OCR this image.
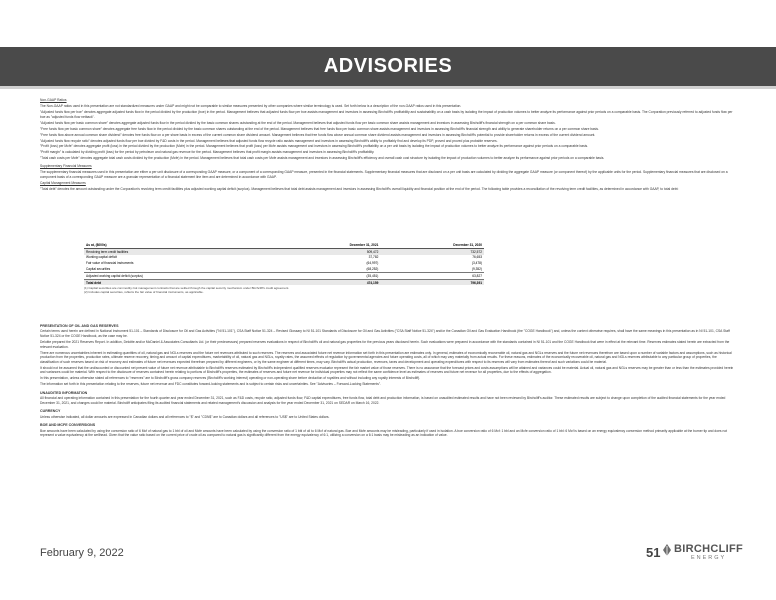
ADVISORIES

Non-GAAP Ratios

The Non-GAAP ratios used in this presentation are not standardized measures under GAAP and might not be comparable to similar measures presented by other companies where similar terminology is used. Set forth below is a description of the non-GAAP ratios used in this presentation.

"Adjusted funds flow per boe" denotes aggregate adjusted funds flow in the period divided by the production (boe) in the period. Management believes that adjusted funds flow per boe assists management and investors in assessing Birchcliff's profitability and sustainability on a cash basis by isolating the impact of production volumes to better analyze its performance against prior periods on a comparable basis. The Corporation previously referred to adjusted funds flow per boe as "adjusted funds flow netback".

"Adjusted funds flow per basic common share" denotes aggregate adjusted funds flow in the period divided by the basic common shares outstanding at the end of the period. Management believes that adjusted funds flow per basic common share assists management and investors in assessing Birchcliff's financial strength on a per common share basis.

"Free funds flow per basic common share" denotes aggregate free funds flow in the period divided by the basic common shares outstanding at the end of the period. Management believes that free funds flow per basic common share assists management and investors in assessing Birchcliff's financial strength and ability to generate shareholder returns on a per common share basis.

"Free funds flow above annual common share dividend" denotes free funds flow on a per share basis in excess of the current common share dividend amount. Management believes that free funds flow above annual common share dividend assists management and investors in assessing Birchcliff's potential to provide shareholder returns in excess of the current dividend amount.

"Adjusted funds flow recycle ratio" denotes adjusted funds flow per boe divided by F&D costs in the period. Management believes that adjusted funds flow recycle ratio assists management and investors in assessing Birchcliff's ability to profitably find and develop its PDP, proved and proved plus probable reserves.

"Profit (loss) per Mcfe" denotes aggregate profit (loss) in the period divided by the production (Mcfe) in the period. Management believes that profit (loss) per Mcfe assists management and investors in assessing Birchcliff's profitability on a per unit basis by isolating the impact of production volumes to better analyze its performance against prior periods on a comparable basis.

"Profit margin" is calculated by dividing profit (loss) for the period by petroleum and natural gas revenue for the period. Management believes that profit margin assists management and investors in assessing Birchcliff's profitability.

"Total cash costs per Mcfe" denotes aggregate total cash costs divided by the production (Mcfe) in the period. Management believes that total cash costs per Mcfe assists management and investors in assessing Birchcliff's efficiency and overall cash cost structure by isolating the impact of production volumes to better analyze its performance against prior periods on a comparable basis.

Supplementary Financial Measures

The supplementary financial measures used in this presentation are either a per unit disclosure of a corresponding GAAP measure, or a component of a corresponding GAAP measure, presented in the financial statements. Supplementary financial measures that are disclosed on a per unit basis are calculated by dividing the aggregate GAAP measure (or component thereof) by the applicable units for the period. Supplementary financial measures that are disclosed on a component basis of a corresponding GAAP measure are a granular representation of a financial statement line item and are determined in accordance with GAAP.

Capital Management Measures

"Total debt" denotes the amount outstanding under the Corporation's revolving term credit facilities plus adjusted working capital deficit (surplus). Management believes that total debt assists management and investors in assessing Birchcliff's overall liquidity and financial position at the end of the period. The following table provides a reconciliation of the revolving term credit facilities, as determined in accordance with GAAP, to total debt:

As at, ($000s)	December 31, 2021	December 31, 2020
Revolving term credit facilities	509,472	732,572
Working capital deficit	37,782	76,653
Fair value of financial instruments	(64,997)	(3,478)
Capital securities	(68,252)	(9,352)
Adjusted working capital deficit (surplus)	(35,451)	63,827
Total debt	474,159	796,391
(1) Capital securities are commodity risk management contracts that are settled through the capital security mechanism under Birchcliff's credit agreement.
(2) Includes capital securities, reflects the fair value of financial instruments, as applicable.
PRESENTATION OF OIL AND GAS RESERVES

Certain terms used herein are defined in National Instrument 51-101 – Standards of Disclosure for Oil and Gas Activities ("NI 51-101"), CSA Staff Notice 51-324 – Revised Glossary to NI 51-101 Standards of Disclosure for Oil and Gas Activities ("CSA Staff Notice 51-324") and/or the Canadian Oil and Gas Evaluation Handbook (the "COGE Handbook") and, unless the context otherwise requires, shall have the same meanings in this presentation as in NI 51-101, CSA Staff Notice 51-324 or the COGE Handbook, as the case may be.

Deloitte prepared the 2021 Reserves Report. In addition, Deloitte and/or McDaniel & Associates Consultants Ltd. (or their predecessors) prepared reserves evaluations in respect of Birchcliff's oil and natural gas properties for the previous years disclosed herein. Such evaluations were prepared in accordance with the standards contained in NI 51-101 and the COGE Handbook that were in effect at the relevant time. Reserves estimates stated herein are extracted from the relevant evaluation.

There are numerous uncertainties inherent in estimating quantities of oil, natural gas and NGLs reserves and the future net revenues attributed to such reserves. The reserves and associated future net revenue information set forth in this presentation are estimates only. In general, estimates of economically recoverable oil, natural gas and NGLs reserves and the future net revenues therefrom are based upon a number of variable factors and assumptions, such as historical production from the properties, production rates, ultimate reserve recovery, timing and amount of capital expenditures, marketability of oil, natural gas and NGLs, royalty rates, the assumed effects of regulation by governmental agencies and future operating costs, all of which may vary materially from actual results. For these reasons, estimates of the economically recoverable oil, natural gas and NGLs reserves attributable to any particular group of properties, the classification of such reserves based on risk of recovery and estimates of future net revenues expected therefrom prepared by different engineers, or by the same engineer at different times, may vary. Birchcliff's actual production, revenues, taxes and development and operating expenditures with respect to its reserves will vary from estimates thereof and such variations could be material.

It should not be assumed that the undiscounted or discounted net present value of future net revenue attributable to Birchcliff's reserves estimated by Birchcliff's independent qualified reserves evaluator represent the fair market value of those reserves. There is no assurance that the forecast prices and costs assumptions will be attained and variances could be material. Actual oil, natural gas and NGLs reserves may be greater than or less than the estimates provided herein and variances could be material. With respect to the disclosure of reserves contained herein relating to portions of Birchcliff's properties, the estimates of reserves and future net revenue for individual properties may not reflect the same confidence level as estimates of reserves and future net revenue for all properties, due to the effects of aggregation.

In this presentation, unless otherwise stated all references to "reserves" are to Birchcliff's gross company reserves (Birchcliff's working interest) operating or non-operating share before deduction of royalties and without including any royalty interests of Birchcliff).

The information set forth in this presentation relating to the reserves, future net revenue and FDC constitutes forward-looking statements and is subject to certain risks and uncertainties. See "Advisories – Forward-Looking Statements".

UNAUDITED INFORMATION

All financial and operating information contained in this presentation for the fourth quarter and year ended December 31, 2021, such as F&D costs, recycle ratio, adjusted funds flow, F&D capital expenditures, free funds flow, total debt and production information, is based on unaudited estimated results and have not been reviewed by Birchcliff's auditor. These estimated results are subject to change upon completion of the audited financial statements for the year ended December 31, 2021, and changes could be material. Birchcliff anticipates filing its audited financial statements and related management's discussion and analysis for the year ended December 31, 2021 on SEDAR on March 16, 2022.

CURRENCY

Unless otherwise indicated, all dollar amounts are expressed in Canadian dollars and all references to "$" and "CDN$" are to Canadian dollars and all references to "US$" are to United States dollars.

BOE AND MCFE CONVERSIONS

Boe amounts have been calculated by using the conversion ratio of 6 Mcf of natural gas to 1 bbl of oil and Mcfe amounts have been calculated by using the conversion ratio of 1 bbl of oil to 6 Mcf of natural gas. Boe and Mcfe amounts may be misleading, particularly if used in isolation. A boe conversion ratio of 6 Mcf: 1 bbl and an Mcfe conversion ratio of 1 bbl: 6 Mcf is based on an energy equivalency conversion method primarily applicable at the burner tip and does not represent a value equivalency at the wellhead. Given that the value ratio based on the current price of crude oil as compared to natural gas is significantly different from the energy equivalency of 6:1, utilizing a conversion on a 6:1 basis may be misleading as an indication of value.

February 9, 2022	51 BIRCHCLIFF
ENERGY
